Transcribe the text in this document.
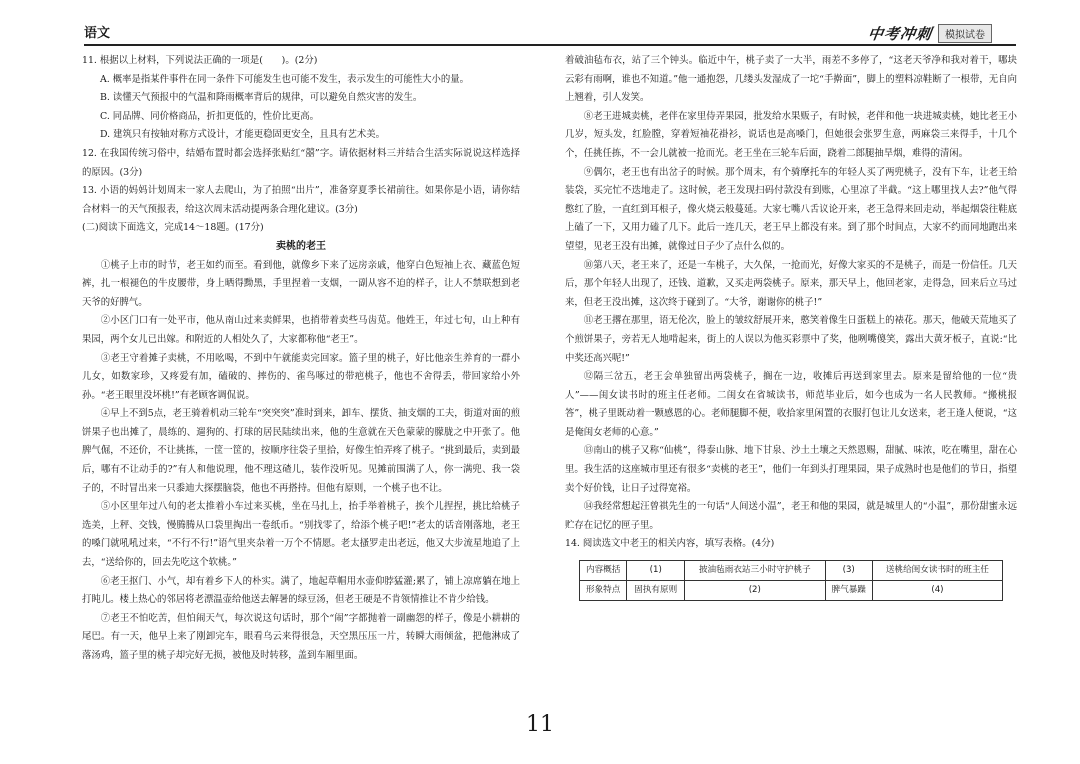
语文	中考冲刺	模拟试卷

11. 根据以上材料，下列说法正确的一项是(　　)。(2分)

A. 概率是指某件事件在同一条件下可能发生也可能不发生，表示发生的可能性大小的量。

B. 读懂天气预报中的气温和降雨概率背后的规律，可以避免自然灾害的发生。

C. 同品牌、同价格商品，折扣更低的，性价比更高。

D. 建筑只有按轴对称方式设计，才能更稳固更安全，且具有艺术美。

12. 在我国传统习俗中，结婚布置时都会选择张贴红“囍”字。请依据材料三并结合生活实际说说这样选择的原因。(3分)

13. 小语的妈妈计划周末一家人去爬山，为了拍照“出片”，准备穿夏季长裙前往。如果你是小语，请你结合材料一的天气预报表，给这次周末活动提两条合理化建议。(3分)

(二)阅读下面选文，完成14～18题。(17分)

卖桃的老王

①桃子上市的时节，老王如约而至。看到他，就像乡下来了远房亲戚，他穿白色短袖上衣、藏蓝色短裤，扎一根褪色的牛皮腰带，身上晒得黝黑，手里捏着一支烟，一副从容不迫的样子，让人不禁联想到老天爷的好脾气。

②小区门口有一处平市，他从南山过来卖鲜果，也捎带着卖些马齿苋。他姓王，年过七旬，山上种有果园，两个女儿已出嫁。和附近的人相处久了，大家都称他“老王”。

③老王守着摊子卖桃，不用吆喝，不到中午就能卖完回家。篮子里的桃子，好比他亲生养育的一群小儿女，如数家珍，又疼爱有加，磕破的、摔伤的、雀鸟啄过的带疤桃子，他也不舍得丢，带回家给小外孙。“老王眼里没坏桃!”有老顾客调侃说。

④早上不到5点，老王骑着机动三轮车“突突突”准时到来，卸车、摆货、抽支烟的工夫，街道对面的煎饼果子也出摊了，晨练的、遛狗的、打球的居民陆续出来，他的生意就在天色蒙蒙的朦胧之中开张了。他脾气倔，不还价，不让挑拣，一筐一筐的，按顺序往袋子里拾，好像生怕弄疼了桃子。“挑到最后，卖到最后，哪有不让动手的?”有人和他说理，他不理这碴儿，装作没听见。见摊前围满了人，你一满兜、我一袋子的，不时冒出来一只黍迪大探摆脑袋，他也不再搭持。但他有原则，一个桃子也不让。

⑤小区里年过八旬的老太推着小车过来买桃，坐在马扎上，抬手举着桃子，挨个儿捏捏，挑比给桃子选美，上秤、交钱，慢腾腾从口袋里掏出一卷纸币。“别找零了，给添个桃子吧!”老太的话音刚落地，老王的嗓门就吼吼过来，“不行不行!”语气里夹杂着一万个不情愿。老太搔罗走出老远，他又大步流星地追了上去，“送给你的，回去先吃这个软桃。”

⑥老王抠门、小气，却有着乡下人的朴实。满了，地起草帽用水壶仰脖猛灌;累了，铺上凉席躺在地上打盹儿。楼上热心的邻居将老漂温壶给他送去解暑的绿豆汤，但老王硬是不肯领情推让不肯少给钱。

⑦老王不怕吃苦，但怕闹天气，每次说这句话时，那个“闹”字都抛着一副幽怨的样子，像是小耕耕的尾巴。有一天，他早上来了刚卸完车，眼看乌云来得很急，天空黑压压一片，转瞬大雨倾盆，把他淋成了落汤鸡，篮子里的桃子却完好无损，被他及时转移，盖到车厢里面。

着破油毡布衣，站了三个钟头。临近中午，桃子卖了一大半，雨差不多停了，“这老天爷净和我对着干，哪块云彩有雨啊，谁也不知道。”他一通抱怨，几缕头发湿成了一坨“手擀面”，脚上的塑料凉鞋断了一根带，无自向上翘着，引人发笑。

⑧老王进城卖桃，老伴在家里侍弄果园，批发给水果贩子，有时候，老伴和他一块进城卖桃，她比老王小几岁，短头发，红脸膛，穿着短袖花褂衫，说话也是高嗓门，但她很会张罗生意，两麻袋三来得手，十几个个，任挑任拣，不一会儿就被一抢而光。老王坐在三轮车后面，跷着二郎腿抽旱烟，难得的清闲。

⑨偶尔，老王也有出岔子的时候。那个周末，有个骑摩托车的年轻人买了两兜桃子，没有下车，让老王给装袋，买完忙不迭地走了。这时候，老王发现扫码付款没有到账，心里凉了半截。“这上哪里找人去?”他气得憋红了脸，一直红到耳根子，像火烧云般蔓延。大家七嘴八舌议论开来，老王急得来回走动，举起烟袋往鞋底上磕了一下，又用力磕了几下。此后一连几天，老王早上都没有来。到了那个时间点，大家不约而同地跑出来望望，见老王没有出摊，就像过日子少了点什么似的。

⑩第八天，老王来了，还是一车桃子，大久保，一抢而光，好像大家买的不是桃子，而是一份信任。几天后，那个年轻人出现了，还钱、道歉，又买走两袋桃子。原来，那天早上，他回老家，走得急，回来后立马过来，但老王没出摊，这次终于碰到了。“大爷，谢谢你的桃子!”

⑪老王撂在那里，语无伦次，脸上的皱纹舒展开来，憨笑着像生日蛋糕上的裱花。那天，他破天荒地买了个煎饼果子，旁若无人地啃起来，街上的人误以为他买彩票中了奖，他咧嘴傻笑，露出大黄牙板子，直说:“比中奖还高兴呢!”

⑫隔三岔五，老王会单独留出两袋桃子，搁在一边，收摊后再送到家里去。原来是留给他的一位“贵人”——闺女读书时的班主任老师。二闺女在省城读书，师范毕业后，如今也成为一名人民教师。“搬桃报答”，桃子里既动着一颗感恩的心。老师腿脚不便，收拾家里闲置的衣服打包让儿女送来，老王逢人便说，“这是俺闺女老师的心意。”

⑬南山的桃子又称“仙桃”，得泰山脉、地下甘泉、沙土土壤之天然恩赐，甜腻、味浓，吃在嘴里，甜在心里。我生活的这座城市里还有很多“卖桃的老王”，他们一年到头打理果园，果子成熟时也是他们的节日，指望卖个好价钱，让日子过得宽裕。

⑭我经常想起汪曾祺先生的一句话“人间送小温”，老王和他的果园，就是城里人的“小温”，那份甜蜜永远贮存在记忆的匣子里。

14. 阅读选文中老王的相关内容，填写表格。(4分)

内容概括	(1)	披油毡雨衣站三小时守护桃子	(3)	送桃给闺女读书时的班主任
形象特点	固执有原则	(2)	脾气暴躁	(4)
11
